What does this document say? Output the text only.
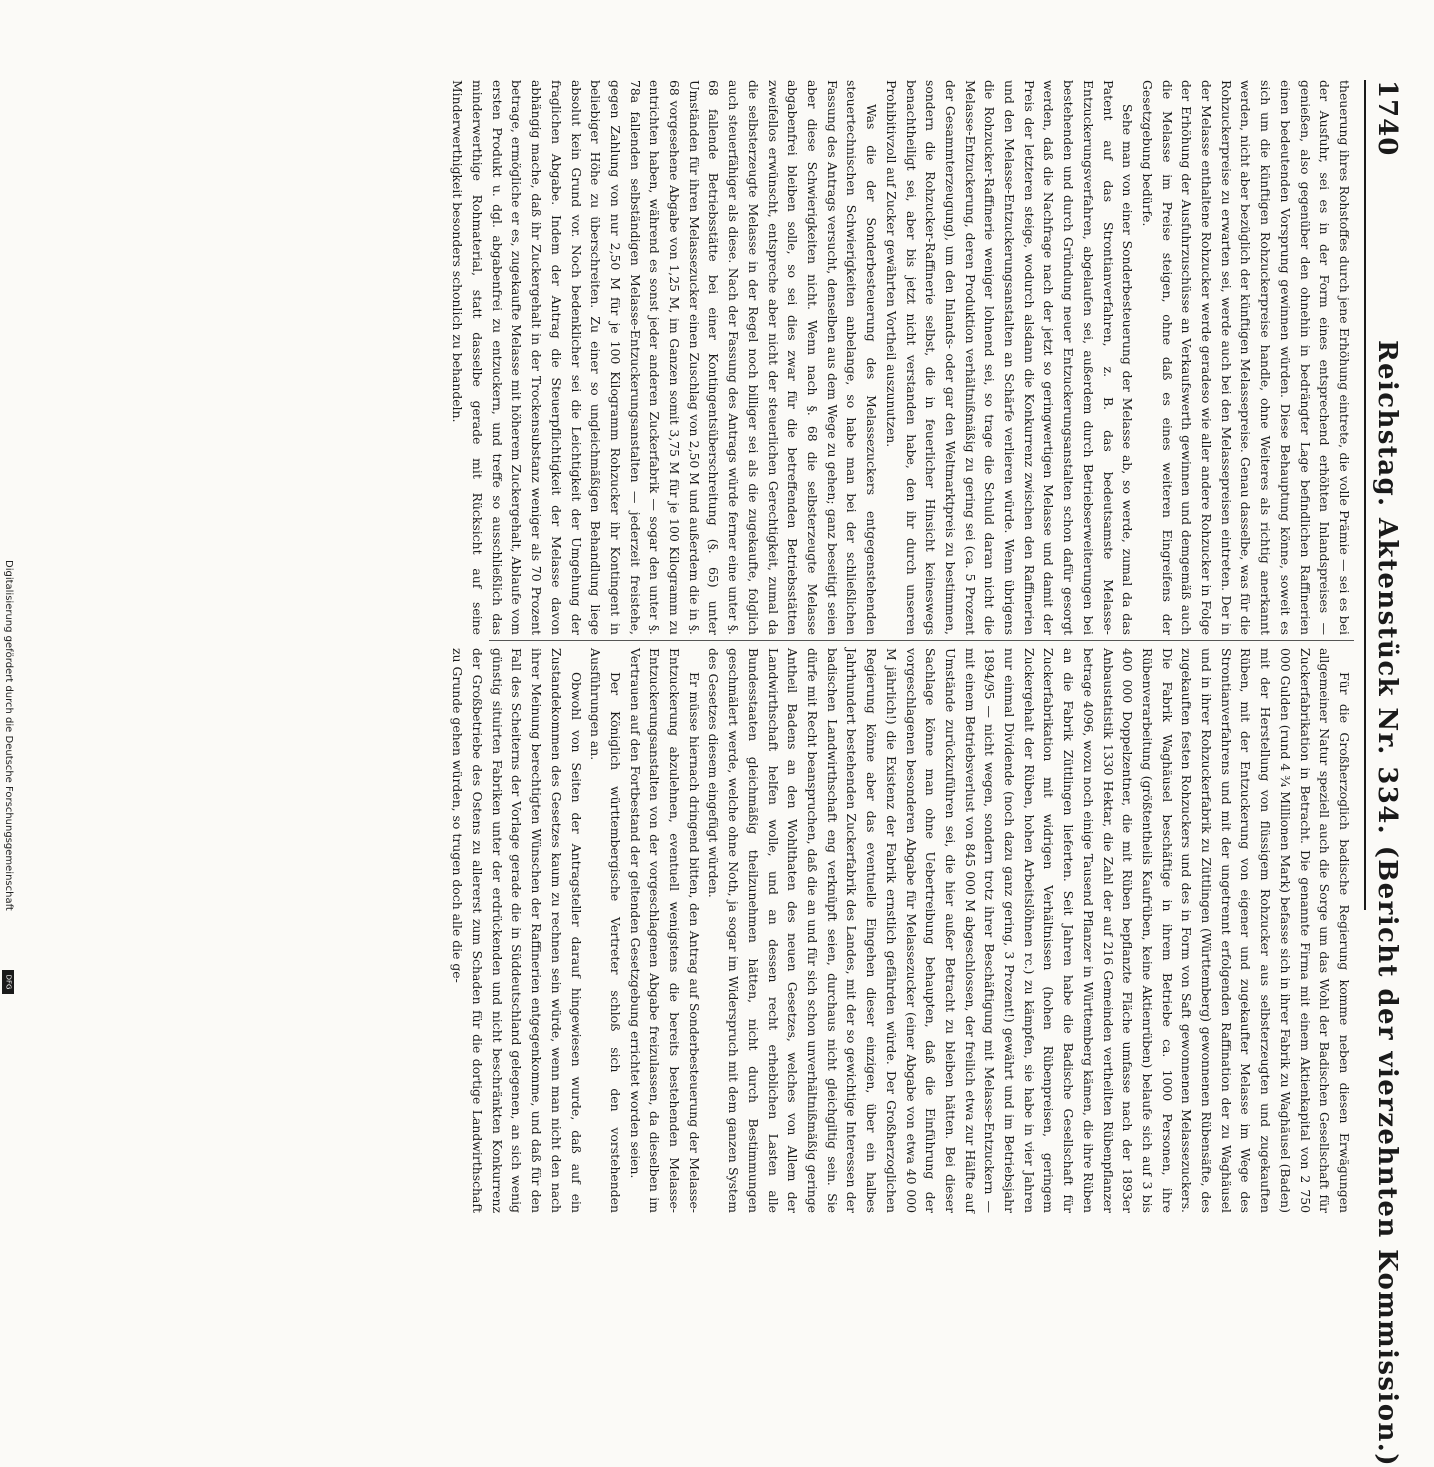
1740
Reichstag. Aktenstück Nr. 334. (Bericht der vierzehnten Kommission.)

theuerung ihres Rohstoffes durch jene Erhöhung eintrete, die volle Prämie — sei es bei der Ausfuhr, sei es in der Form eines entsprechend erhöhten Inlandspreises — genießen, also gegenüber den ohnehin in bedrängter Lage befindlichen Raffinerien einen bedeutenden Vorsprung gewinnen würden. Diese Behauptung könne, soweit es sich um die künftigen Rohzuckerpreise handle, ohne Weiteres als richtig anerkannt werden, nicht aber bezüglich der künftigen Melassepreise. Genau dasselbe, was für die Rohzuckerpreise zu erwarten sei, werde auch bei den Melassepreisen eintreten. Der in der Melasse enthaltene Rohzucker werde geradeso wie aller andere Rohzucker in Folge der Erhöhung der Ausfuhrzuschüsse an Verkaufswerth gewinnen und demgemäß auch die Melasse im Preise steigen, ohne daß es eines weiteren Eingreifens der Gesetzgebung bedürfe.

Sehe man von einer Sonderbesteuerung der Melasse ab, so werde, zumal da das Patent auf das Strontianverfahren, z. B. das bedeutsamste Melasse-Entzuckerungsverfahren, abgelaufen sei, außerdem durch Betriebserweiterungen bei bestehenden und durch Gründung neuer Entzuckerungsanstalten schon dafür gesorgt werden, daß die Nachfrage nach der jetzt so geringwertigen Melasse und damit der Preis der letzteren steige, wodurch alsdann die Konkurrenz zwischen den Raffinerien und den Melasse-Entzuckerungsanstalten an Schärfe verlieren würde. Wenn übrigens die Rohzucker-Raffinerie weniger lohnend sei, so trage die Schuld daran nicht die Melasse-Entzuckerung, deren Produktion verhältnißmäßig zu gering sei (ca. 5 Prozent der Gesammterzeugung), um den Inlands- oder gar den Weltmarktpreis zu bestimmen, sondern die Rohzucker-Raffinerie selbst, die in feuerlicher Hinsicht keineswegs benachtheiligt sei, aber bis jetzt nicht verstanden habe, den ihr durch unseren Prohibitivzoll auf Zucker gewährten Vortheil auszunutzen.

Was die der Sonderbesteuerung des Melassezuckers entgegenstehenden steuertechnischen Schwierigkeiten anbelange, so habe man bei der schließlichen Fassung des Antrags versucht, denselben aus dem Wege zu gehen; ganz beseitigt seien aber diese Schwierigkeiten nicht. Wenn nach §. 68 die selbsterzeugte Melasse abgabenfrei bleiben solle, so sei dies zwar für die betreffenden Betriebsstätten zweifellos erwünscht, entspreche aber nicht der steuerlichen Gerechtigkeit, zumal da die selbsterzeugte Melasse in der Regel noch billiger sei als die zugekaufte, folglich auch steuerfähiger als diese. Nach der Fassung des Antrags würde ferner eine unter §. 68 fallende Betriebsstätte bei einer Kontingentsüberschreitung (§. 65) unter Umständen für ihren Melassezucker einen Zuschlag von 2,50 M und außerdem die in §. 68 vorgesehene Abgabe von 1,25 M, im Ganzen somit 3,75 M für je 100 Kilogramm zu entrichten haben, während es sonst jeder anderen Zuckerfabrik — sogar den unter §. 78a fallenden selbständigen Melasse-Entzuckerungsanstalten — jederzeit freistehe, gegen Zahlung von nur 2,50 M für je 100 Kilogramm Rohzucker ihr Kontingent in beliebiger Höhe zu überschreiten. Zu einer so ungleichmäßigen Behandlung liege absolut kein Grund vor. Noch bedenklicher sei die Leichtigkeit der Umgehung der fraglichen Abgabe. Indem der Antrag die Steuerpflichtigkeit der Melasse davon abhängig mache, daß ihr Zuckergehalt in der Trockensubstanz weniger als 70 Prozent betrage, ermögliche er es, zugekaufte Melasse mit höherem Zuckergehalt, Ablaufe vom ersten Produkt u. dgl. abgabenfrei zu entzuckern, und treffe so ausschließlich das minderwerthige Rohmaterial, statt dasselbe gerade mit Rücksicht auf seine Minderwerthigkeit besonders schonlich zu behandeln.

Für die Großherzoglich badische Regierung komme neben diesen Erwägungen allgemeiner Natur speziell auch die Sorge um das Wohl der Badischen Gesellschaft für Zuckerfabrikation in Betracht. Die genannte Firma mit einem Aktienkapital von 2 750 000 Gulden (rund 4 ¾ Millionen Mark) befasse sich in ihrer Fabrik zu Waghäusel (Baden) mit der Herstellung von flüssigem Rohzucker aus selbsterzeugten und zugekauften Rüben, mit der Entzuckerung von eigener und zugekaufter Melasse im Wege des Strontianverfahrens und mit der ungetrennt erfolgenden Raffination der zu Waghäusel und in ihrer Rohzuckerfabrik zu Züttlingen (Württemberg) gewonnenen Rübensäfte, des zugekauften festen Rohzuckers und des in Form von Saft gewonnenen Melassezuckers. Die Fabrik Waghäusel beschäftige in ihrem Betriebe ca. 1000 Personen, ihre Rübenverarbeitung (größtentheils Kaufrüben, keine Aktienrüben) belaufe sich auf 3 bis 400 000 Doppelzentner, die mit Rüben bepflanzte Fläche umfasse nach der 1893er Anbaustatistik 1330 Hektar, die Zahl der auf 216 Gemeinden vertheilten Rübenpflanzer betrage 4096, wozu noch einige Tausend Pflanzer in Württemberg kämen, die ihre Rüben an die Fabrik Züttlingen lieferten. Seit Jahren habe die Badische Gesellschaft für Zuckerfabrikation mit widrigen Verhältnissen (hohen Rübenpreisen, geringem Zuckergehalt der Rüben, hohen Arbeitslöhnen rc.) zu kämpfen, sie habe in vier Jahren nur einmal Dividende (noch dazu ganz gering, 3 Prozent!) gewährt und im Betriebsjahr 1894/95 — nicht wegen, sondern trotz ihrer Beschäftigung mit Melasse-Entzuckern — mit einem Betriebsverlust von 845 000 M abgeschlossen, der freilich etwa zur Hälfte auf Umstände zurückzuführen sei, die hier außer Betracht zu bleiben hätten. Bei dieser Sachlage könne man ohne Uebertreibung behaupten, daß die Einführung der vorgeschlagenen besonderen Abgabe für Melassezucker (einer Abgabe von etwa 40 000 M jährlich!) die Existenz der Fabrik ernstlich gefährden würde. Der Großherzoglichen Regierung könne aber das eventuelle Eingehen dieser einzigen, über ein halbes Jahrhundert bestehenden Zuckerfabrik des Landes, mit der so gewichtige Interessen der badischen Landwirthschaft eng verknüpft seien, durchaus nicht gleichgiltig sein. Sie dürfe mit Recht beanspruchen, daß die an und für sich schon unverhältnißmäßig geringe Antheil Badens an den Wohlthaten des neuen Gesetzes, welches von Allem der Landwirthschaft helfen wolle, und an dessen recht erheblichen Lasten alle Bundesstaaten gleichmäßig theilzunehmen hätten, nicht durch Bestimmungen geschmälert werde, welche ohne Noth, ja sogar im Widerspruch mit dem ganzen System des Gesetzes diesem eingefügt würden.

Er müsse hiernach dringend bitten, den Antrag auf Sonderbesteuerung der Melasse-Entzuckerung abzulehnen, eventuell wenigstens die bereits bestehenden Melasse-Entzuckerungsanstalten von der vorgeschlagenen Abgabe freizulassen, da dieselben im Vertrauen auf den Fortbestand der geltenden Gesetzgebung errichtet worden seien.

Der Königlich württembergische Vertreter schloß sich den vorstehenden Ausführungen an.

Obwohl von Seiten der Antragsteller darauf hingewiesen wurde, daß auf ein Zustandekommen des Gesetzes kaum zu rechnen sein würde, wenn man nicht den nach ihrer Meinung berechtigten Wünschen der Raffinerien entgegenkomme, und daß für den Fall des Scheiterns der Vorlage gerade die in Süddeutschland gelegenen, an sich wenig günstig situirten Fabriken unter der erdrückenden und nicht beschränkten Konkurrenz der Großbetriebe des Ostens zu allererst zum Schaden für die dortige Landwirthschaft zu Grunde gehen würden, so trugen doch alle die ge-

Digitalisierung gefördert durch die Deutsche Forschungsgemeinschaft
DFG
